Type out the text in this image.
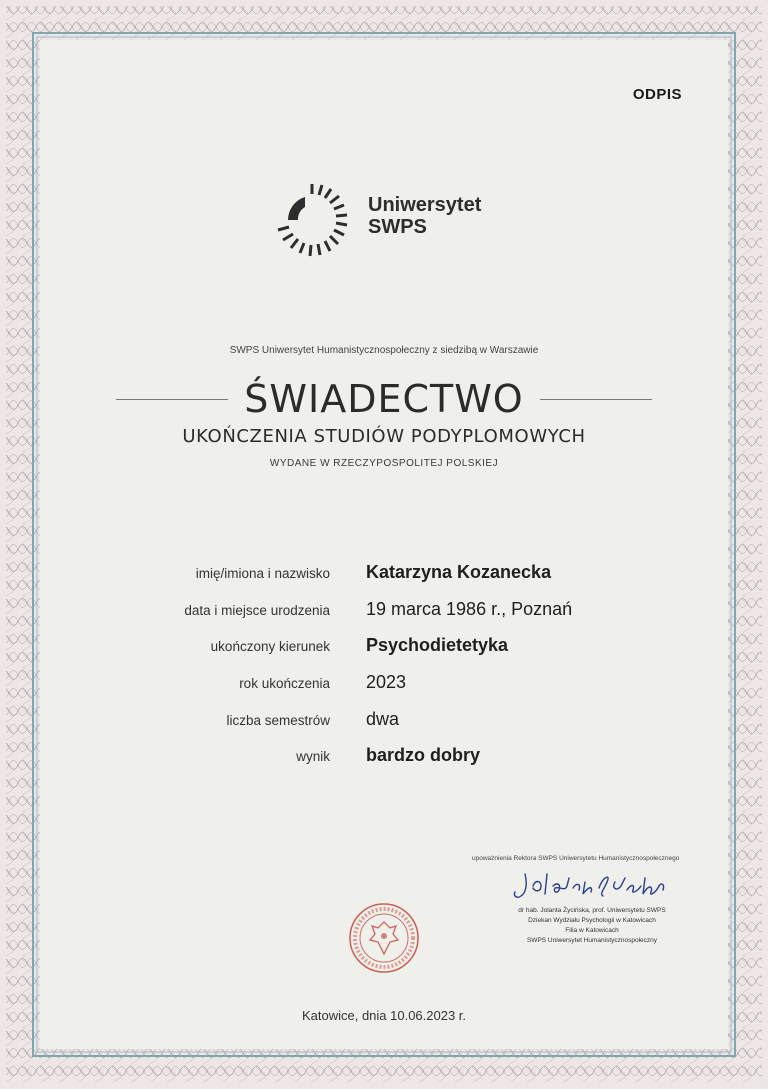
ODPIS
Uniwersytet
SWPS
SWPS Uniwersytet Humanistycznospołeczny z siedzibą w Warszawie
ŚWIADECTWO
UKOŃCZENIA STUDIÓW PODYPLOMOWYCH
WYDANE W RZECZYPOSPOLITEJ POLSKIEJ
imię/imiona i nazwisko	Katarzyna Kozanecka
data i miejsce urodzenia	19 marca 1986 r., Poznań
ukończony kierunek	Psychodietetyka
rok ukończenia	2023
liczba semestrów	dwa
wynik	bardzo dobry
upoważnienia Rektora SWPS Uniwersytetu Humanistycznospołecznego
dr hab. Jolanta Życińska, prof. Uniwersytetu SWPS
Dziekan Wydziału Psychologii w Katowicach
Filia w Katowicach
SWPS Uniwersytet Humanistycznospołeczny
Katowice, dnia 10.06.2023 r.
